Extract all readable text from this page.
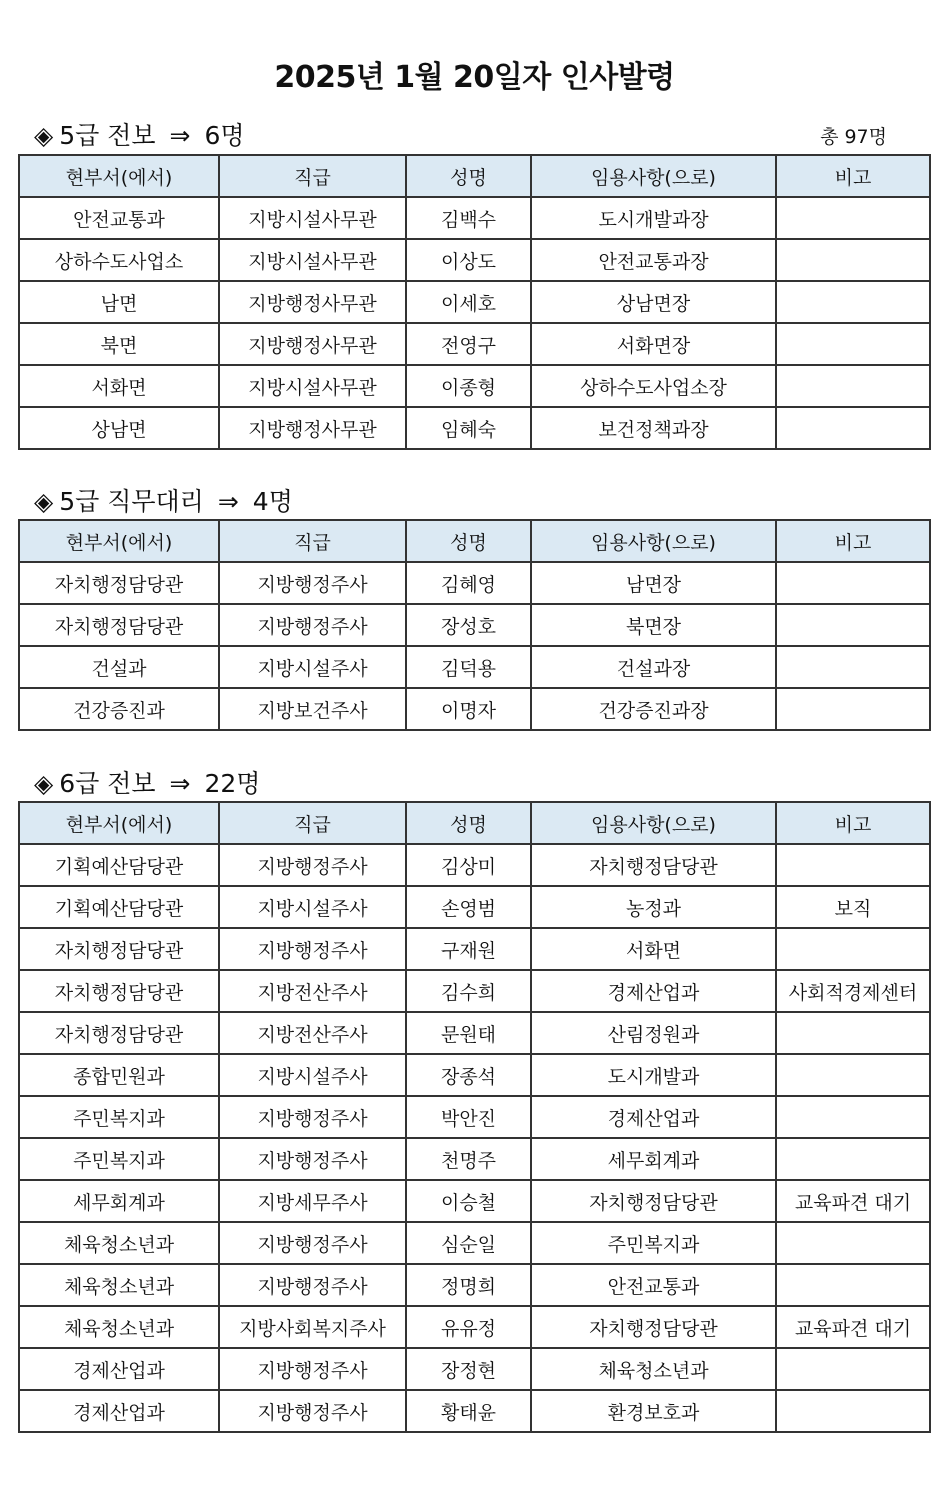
2025년 1월 20일자 인사발령
◈ 5급 전보 ⇒ 6명	총 97명
현부서(에서)	직급	성명	임용사항(으로)	비고
안전교통과	지방시설사무관	김백수	도시개발과장	
상하수도사업소	지방시설사무관	이상도	안전교통과장	
남면	지방행정사무관	이세호	상남면장	
북면	지방행정사무관	전영구	서화면장	
서화면	지방시설사무관	이종형	상하수도사업소장	
상남면	지방행정사무관	임혜숙	보건정책과장	
◈ 5급 직무대리 ⇒ 4명
현부서(에서)	직급	성명	임용사항(으로)	비고
자치행정담당관	지방행정주사	김혜영	남면장	
자치행정담당관	지방행정주사	장성호	북면장	
건설과	지방시설주사	김덕용	건설과장	
건강증진과	지방보건주사	이명자	건강증진과장	
◈ 6급 전보 ⇒ 22명
현부서(에서)	직급	성명	임용사항(으로)	비고
기획예산담당관	지방행정주사	김상미	자치행정담당관	
기획예산담당관	지방시설주사	손영범	농정과	보직
자치행정담당관	지방행정주사	구재원	서화면	
자치행정담당관	지방전산주사	김수희	경제산업과	사회적경제센터
자치행정담당관	지방전산주사	문원태	산림정원과	
종합민원과	지방시설주사	장종석	도시개발과	
주민복지과	지방행정주사	박안진	경제산업과	
주민복지과	지방행정주사	천명주	세무회계과	
세무회계과	지방세무주사	이승철	자치행정담당관	교육파견 대기
체육청소년과	지방행정주사	심순일	주민복지과	
체육청소년과	지방행정주사	정명희	안전교통과	
체육청소년과	지방사회복지주사	유유정	자치행정담당관	교육파견 대기
경제산업과	지방행정주사	장정현	체육청소년과	
경제산업과	지방행정주사	황태윤	환경보호과	
